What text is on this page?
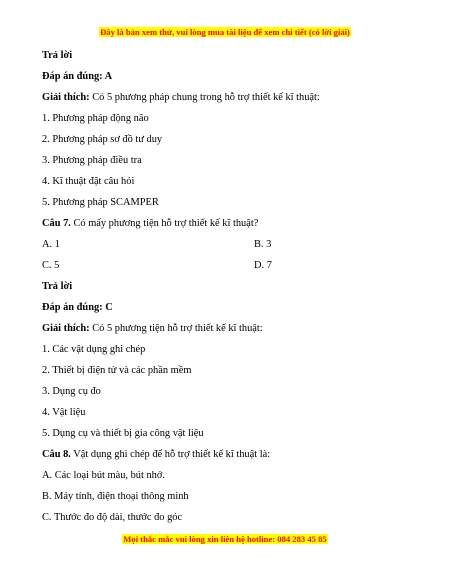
Đây là bản xem thử, vui lòng mua tài liệu để xem chi tiết (có lời giải)
Trả lời
Đáp án đúng: A
Giải thích: Có 5 phương pháp chung trong hỗ trợ thiết kế kĩ thuật:
1. Phương pháp động não
2. Phương pháp sơ đồ tư duy
3. Phương pháp điều tra
4. Kĩ thuật đặt câu hỏi
5. Phương pháp SCAMPER
Câu 7. Có mấy phương tiện hỗ trợ thiết kế kĩ thuật?
A. 1	B. 3
C. 5	D. 7
Trả lời
Đáp án đúng: C
Giải thích: Có 5 phương tiện hỗ trợ thiết kế kĩ thuật:
1. Các vật dụng ghi chép
2. Thiết bị điện tử và các phần mềm
3. Dụng cụ đo
4. Vật liệu
5. Dụng cụ và thiết bị gia công vật liệu
Câu 8. Vật dụng ghi chép để hỗ trợ thiết kế kĩ thuật là:
A. Các loại bút màu, bút nhớ.
B. Máy tính, điện thoại thông minh
C. Thước đo độ dài, thước đo góc
Mọi thắc mắc vui lòng xin liên hệ hotline: 084 283 45 85
